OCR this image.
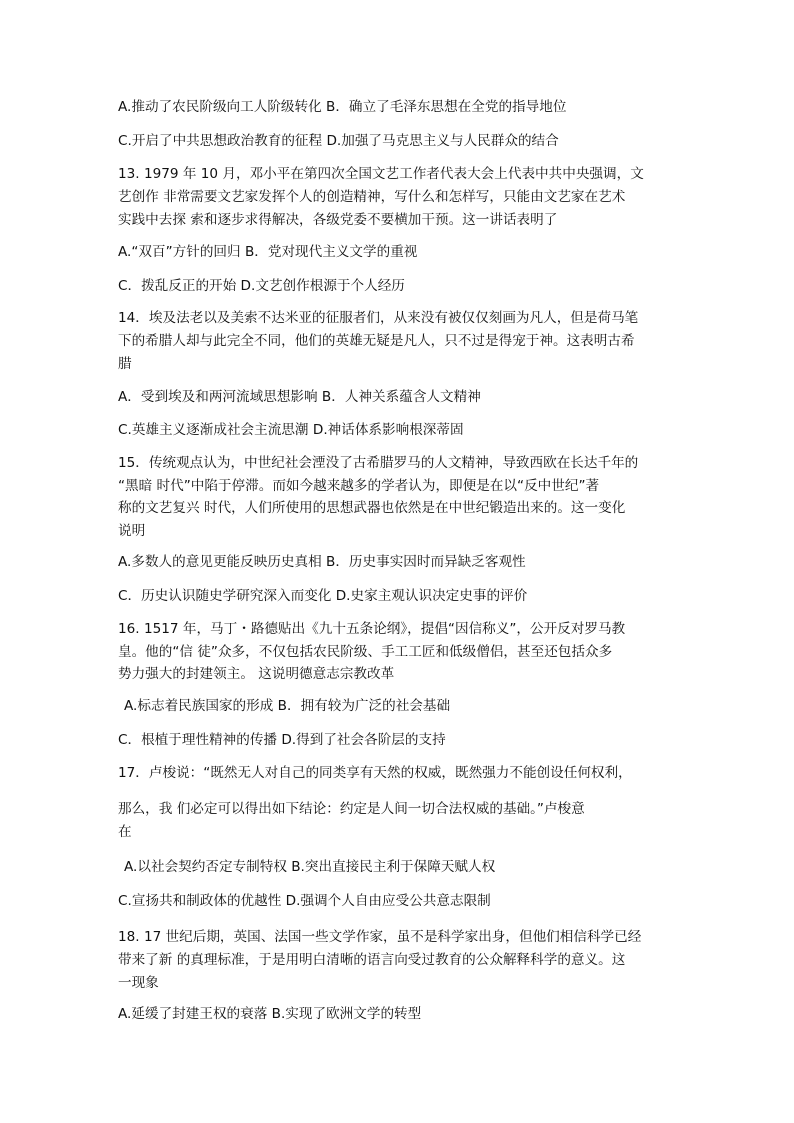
A.推动了农民阶级向工人阶级转化 B．确立了毛泽东思想在全党的指导地位
C.开启了中共思想政治教育的征程 D.加强了马克思主义与人民群众的结合
13. 1979 年 10 月，邓小平在第四次全国文艺工作者代表大会上代表中共中央强调，文
艺创作 非常需要文艺家发挥个人的创造精神，写什么和怎样写，只能由文艺家在艺术
实践中去探 索和逐步求得解决，各级党委不要横加干预。这一讲话表明了
A.“双百”方针的回归 B．党对现代主义文学的重视
C．拨乱反正的开始 D.文艺创作根源于个人经历
14．埃及法老以及美索不达米亚的征服者们，从来没有被仅仅刻画为凡人，但是荷马笔
下的希腊人却与此完全不同，他们的英雄无疑是凡人，只不过是得宠于神。这表明古希
腊
A．受到埃及和两河流域思想影响 B．人神关系蕴含人文精神
C.英雄主义逐渐成社会主流思潮 D.神话体系影响根深蒂固
15．传统观点认为，中世纪社会湮没了古希腊罗马的人文精神，导致西欧在长达千年的
“黑暗 时代”中陷于停滞。而如今越来越多的学者认为，即便是在以“反中世纪”著
称的文艺复兴 时代，人们所使用的思想武器也依然是在中世纪锻造出来的。这一变化
说明
A.多数人的意见更能反映历史真相 B．历史事实因时而异缺乏客观性
C．历史认识随史学研究深入而变化 D.史家主观认识决定史事的评价
16. 1517 年，马丁・路德贴出《九十五条论纲》，提倡“因信称义”，公开反对罗马教
皇。他的“信 徒”众多，不仅包括农民阶级、手工工匠和低级僧侣，甚至还包括众多
势力强大的封建领主。 这说明德意志宗教改革
A.标志着民族国家的形成 B．拥有较为广泛的社会基础
C．根植于理性精神的传播 D.得到了社会各阶层的支持
17．卢梭说：“既然无人对自己的同类享有天然的权威，既然强力不能创设任何权利，
那么，我 们必定可以得出如下结论：约定是人间一切合法权威的基础。”卢梭意
在
A.以社会契约否定专制特权 B.突出直接民主利于保障天赋人权
C.宣扬共和制政体的优越性 D.强调个人自由应受公共意志限制
18. 17 世纪后期，英国、法国一些文学作家，虽不是科学家出身，但他们相信科学已经
带来了新 的真理标准，于是用明白清晰的语言向受过教育的公众解释科学的意义。这
一现象
A.延缓了封建王权的衰落 B.实现了欧洲文学的转型
